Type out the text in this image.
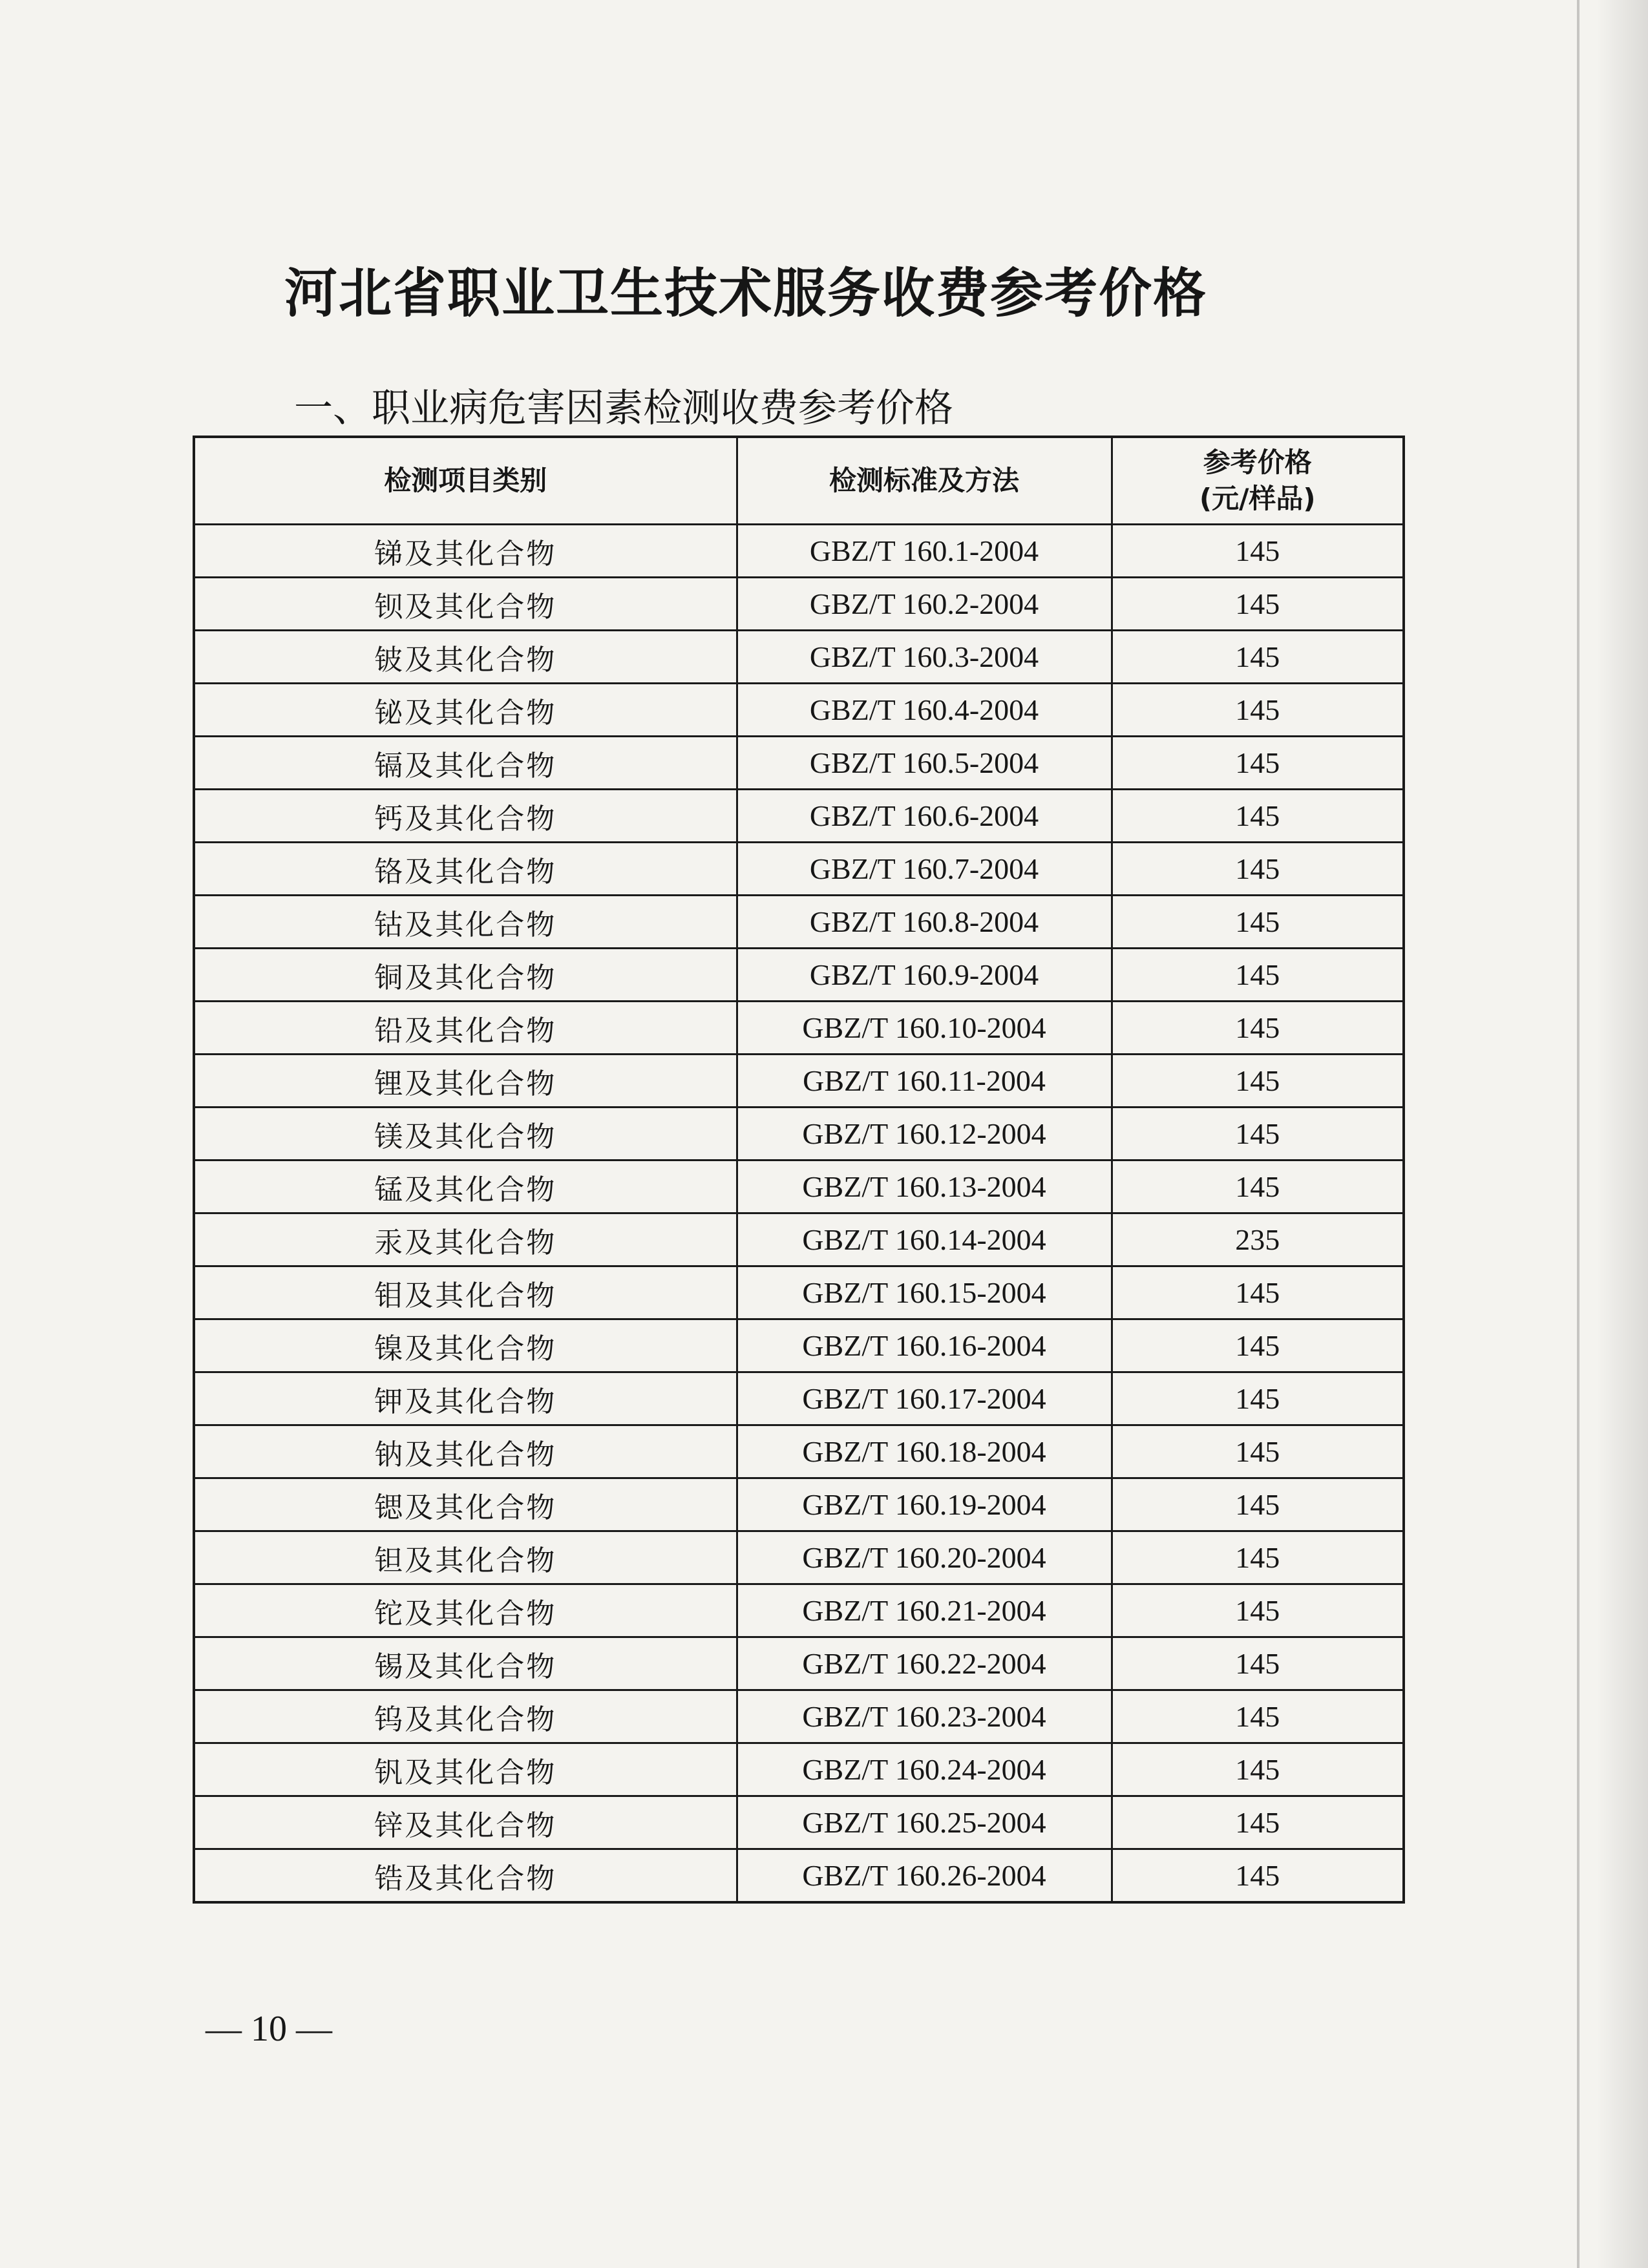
河北省职业卫生技术服务收费参考价格
一、职业病危害因素检测收费参考价格
检测项目类别	检测标准及方法	参考价格
(元/样品)

锑及其化合物	GBZ/T 160.1-2004	145
钡及其化合物	GBZ/T 160.2-2004	145
铍及其化合物	GBZ/T 160.3-2004	145
铋及其化合物	GBZ/T 160.4-2004	145
镉及其化合物	GBZ/T 160.5-2004	145
钙及其化合物	GBZ/T 160.6-2004	145
铬及其化合物	GBZ/T 160.7-2004	145
钴及其化合物	GBZ/T 160.8-2004	145
铜及其化合物	GBZ/T 160.9-2004	145
铅及其化合物	GBZ/T 160.10-2004	145
锂及其化合物	GBZ/T 160.11-2004	145
镁及其化合物	GBZ/T 160.12-2004	145
锰及其化合物	GBZ/T 160.13-2004	145
汞及其化合物	GBZ/T 160.14-2004	235
钼及其化合物	GBZ/T 160.15-2004	145
镍及其化合物	GBZ/T 160.16-2004	145
钾及其化合物	GBZ/T 160.17-2004	145
钠及其化合物	GBZ/T 160.18-2004	145
锶及其化合物	GBZ/T 160.19-2004	145
钽及其化合物	GBZ/T 160.20-2004	145
铊及其化合物	GBZ/T 160.21-2004	145
锡及其化合物	GBZ/T 160.22-2004	145
钨及其化合物	GBZ/T 160.23-2004	145
钒及其化合物	GBZ/T 160.24-2004	145
锌及其化合物	GBZ/T 160.25-2004	145
锆及其化合物	GBZ/T 160.26-2004	145
— 10 —
